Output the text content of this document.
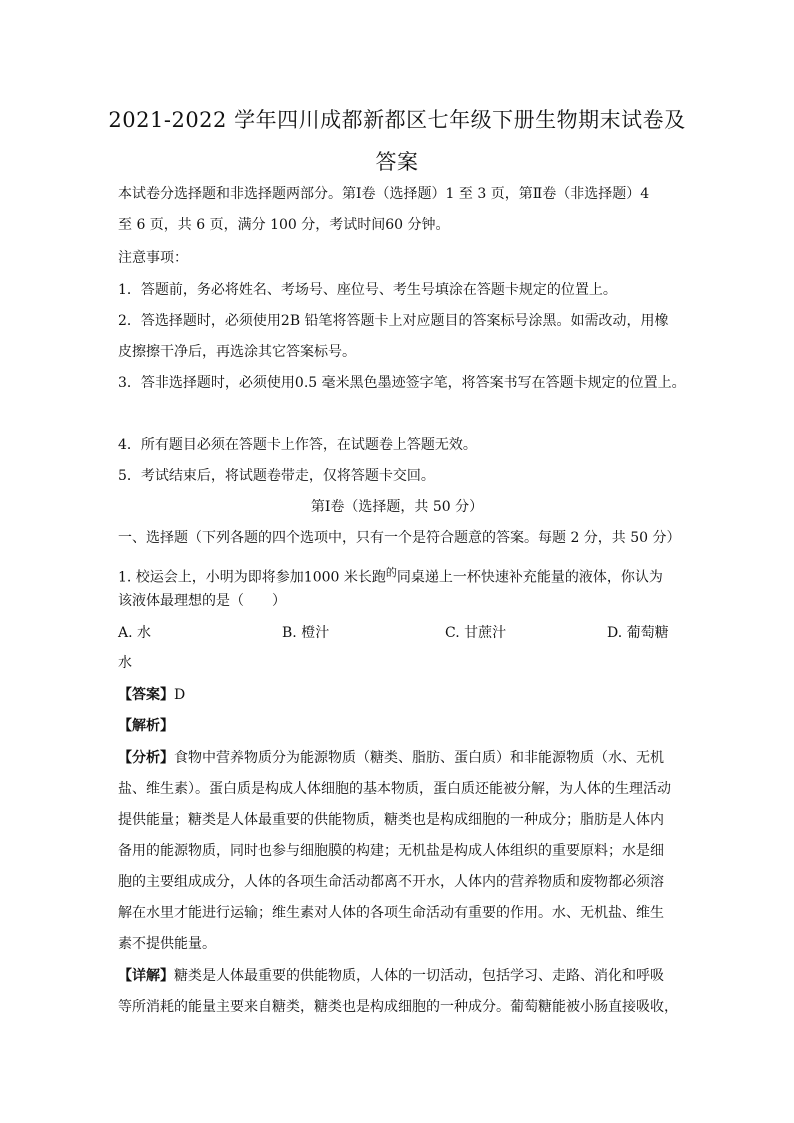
2021-2022 学年四川成都新都区七年级下册生物期末试卷及
答案
本试卷分选择题和非选择题两部分。第Ⅰ卷（选择题）1 至 3 页，第Ⅱ卷（非选择题）4
至 6 页，共 6 页，满分 100 分，考试时间60 分钟。
注意事项：
1．答题前，务必将姓名、考场号、座位号、考生号填涂在答题卡规定的位置上。
2．答选择题时，必须使用2B 铅笔将答题卡上对应题目的答案标号涂黑。如需改动，用橡
皮擦擦干净后，再选涂其它答案标号。
3．答非选择题时，必须使用0.5 毫米黑色墨迹签字笔，将答案书写在答题卡规定的位置上。
4．所有题目必须在答题卡上作答，在试题卷上答题无效。
5．考试结束后，将试题卷带走，仅将答题卡交回。
第Ⅰ卷（选择题，共 50 分）
一、选择题（下列各题的四个选项中，只有一个是符合题意的答案。每题 2 分，共 50 分）
1. 校运会上，小明为即将参加1000 米长跑$^的$同桌递上一杯快速补充能量的液体，你认为
该液体最理想的是（　　）
A. 水	B. 橙汁	C. 甘蔗汁	D. 葡萄糖
水
【答案】D
【解析】
【分析】食物中营养物质分为能源物质（糖类、脂肪、蛋白质）和非能源物质（水、无机
盐、维生素）。蛋白质是构成人体细胞的基本物质，蛋白质还能被分解，为人体的生理活动
提供能量；糖类是人体最重要的供能物质，糖类也是构成细胞的一种成分；脂肪是人体内
备用的能源物质，同时也参与细胞膜的构建；无机盐是构成人体组织的重要原料；水是细
胞的主要组成成分，人体的各项生命活动都离不开水，人体内的营养物质和废物都必须溶
解在水里才能进行运输；维生素对人体的各项生命活动有重要的作用。水、无机盐、维生
素不提供能量。
【详解】糖类是人体最重要的供能物质，人体的一切活动，包括学习、走路、消化和呼吸
等所消耗的能量主要来自糖类，糖类也是构成细胞的一种成分。葡萄糖能被小肠直接吸收，
